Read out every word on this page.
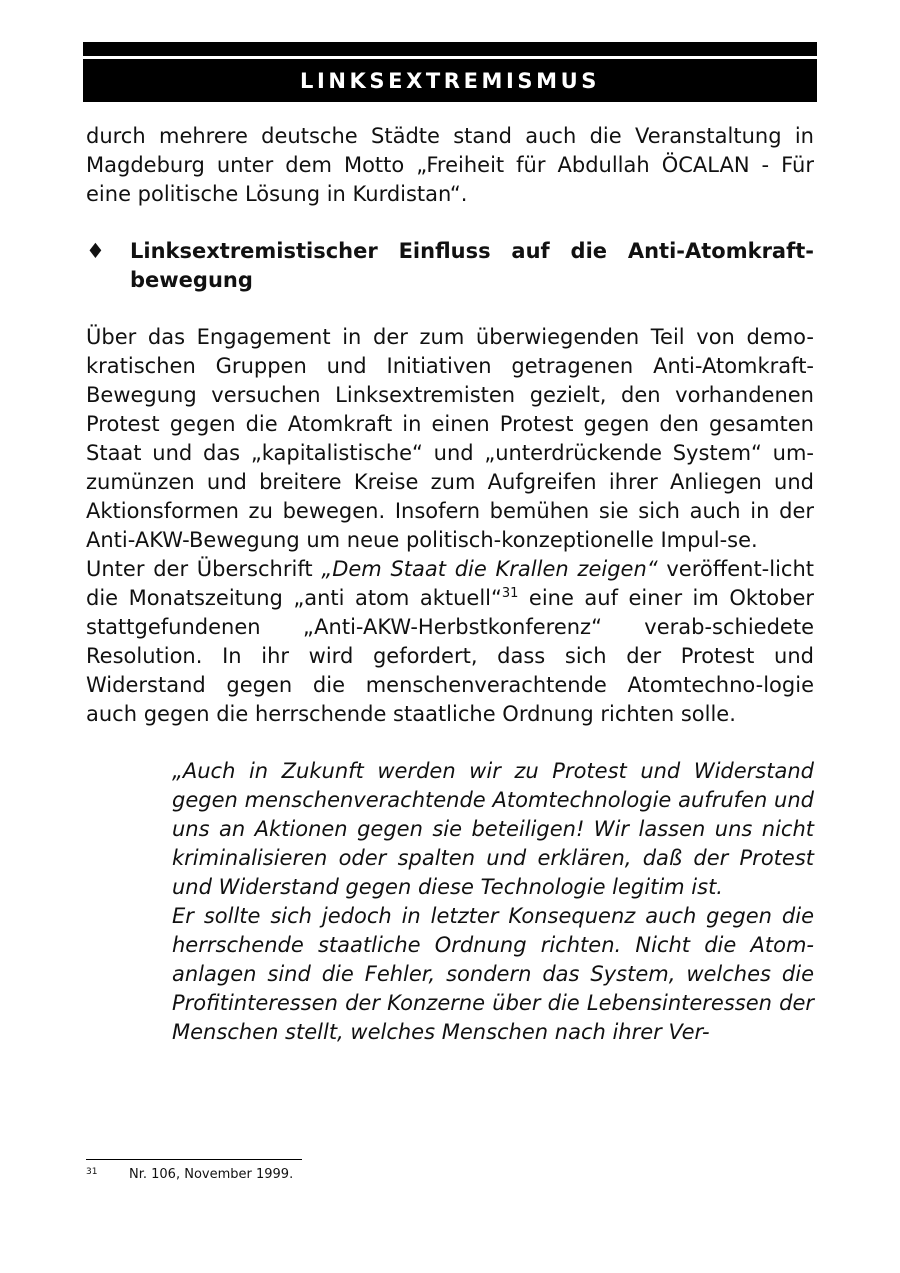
LINKSEXTREMISMUS

durch mehrere deutsche Städte stand auch die Veranstaltung in Magdeburg unter dem Motto „Freiheit für Abdullah ÖCALAN - Für eine politische Lösung in Kurdistan“.

♦	Linksextremistischer Einfluss auf die Anti-Atomkraft-bewegung

Über das Engagement in der zum überwiegenden Teil von demo-kratischen Gruppen und Initiativen getragenen Anti-Atomkraft-Bewegung versuchen Linksextremisten gezielt, den vorhandenen Protest gegen die Atomkraft in einen Protest gegen den gesamten Staat und das „kapitalistische“ und „unterdrückende System“ um-zumünzen und breitere Kreise zum Aufgreifen ihrer Anliegen und Aktionsformen zu bewegen. Insofern bemühen sie sich auch in der Anti-AKW-Bewegung um neue politisch-konzeptionelle Impul-se.

Unter der Überschrift „Dem Staat die Krallen zeigen“ veröffent-licht die Monatszeitung „anti atom aktuell“$^{31}$ eine auf einer im Oktober stattgefundenen „Anti-AKW-Herbstkonferenz“ verab-schiedete Resolution. In ihr wird gefordert, dass sich der Protest und Widerstand gegen die menschenverachtende Atomtechno-logie auch gegen die herrschende staatliche Ordnung richten solle.

„Auch in Zukunft werden wir zu Protest und Widerstand gegen menschenverachtende Atomtechnologie aufrufen und uns an Aktionen gegen sie beteiligen! Wir lassen uns nicht kriminalisieren oder spalten und erklären, daß der Protest und Widerstand gegen diese Technologie legitim ist.

Er sollte sich jedoch in letzter Konsequenz auch gegen die herrschende staatliche Ordnung richten. Nicht die Atom-anlagen sind die Fehler, sondern das System, welches die Profitinteressen der Konzerne über die Lebensinteressen der Menschen stellt, welches Menschen nach ihrer Ver-

31	Nr. 106, November 1999.
